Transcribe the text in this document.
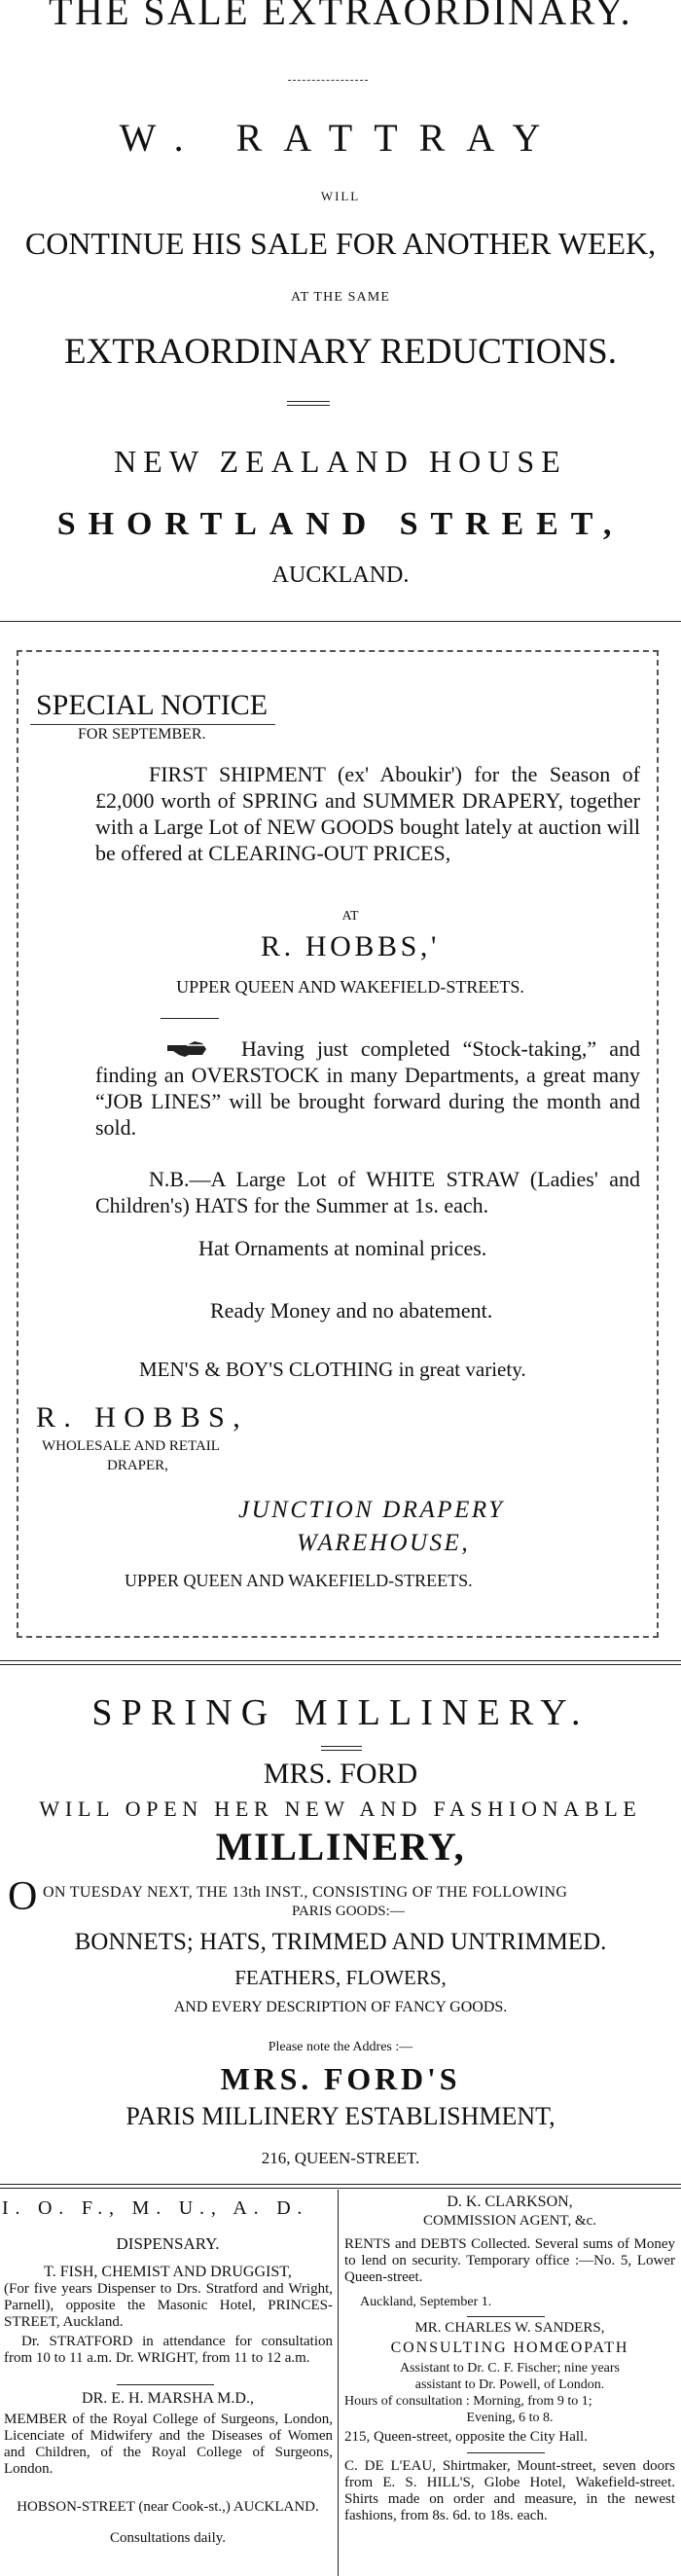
THE SALE EXTRAORDINARY.
W. RATTRAY
WILL
CONTINUE HIS SALE FOR ANOTHER WEEK,
AT THE SAME
EXTRAORDINARY REDUCTIONS.
NEW ZEALAND HOUSE
SHORTLAND STREET,
AUCKLAND.
SPECIAL NOTICE
FOR SEPTEMBER.
FIRST SHIPMENT (ex' Aboukir') for the Season of £2,000 worth of SPRING and SUMMER DRAPERY, together with a Large Lot of NEW GOODS bought lately at auction will be offered at CLEARING-OUT PRICES,
AT
R. HOBBS,'
UPPER QUEEN AND WAKEFIELD-STREETS.
Having just completed “Stock-taking,” and finding an OVERSTOCK in many Departments, a great many “JOB LINES” will be brought forward during the month and sold.
N.B.—A Large Lot of WHITE STRAW (Ladies' and Children's) HATS for the Summer at 1s. each.
Hat Ornaments at nominal prices.
Ready Money and no abatement.
MEN'S & BOY'S CLOTHING in great variety.
R. HOBBS,
WHOLESALE AND RETAIL
DRAPER,
JUNCTION DRAPERY
WAREHOUSE,
UPPER QUEEN AND WAKEFIELD-STREETS.
SPRING MILLINERY.
MRS. FORD
WILL OPEN HER NEW AND FASHIONABLE
MILLINERY,
O ON TUESDAY NEXT, THE 13th INST., CONSISTING OF THE FOLLOWING
PARIS GOODS:—
BONNETS; HATS, TRIMMED AND UNTRIMMED.
FEATHERS, FLOWERS,
AND EVERY DESCRIPTION OF FANCY GOODS.
Please note the Addres :—
MRS. FORD'S
PARIS MILLINERY ESTABLISHMENT,
216, QUEEN-STREET.
I. O. F., M. U., A. D.
DISPENSARY.
T. FISH, CHEMIST AND DRUGGIST,
(For five years Dispenser to Drs. Stratford and Wright, Parnell), opposite the Masonic Hotel, PRINCES-STREET, Auckland.
Dr. STRATFORD in attendance for consultation from 10 to 11 a.m. Dr. WRIGHT, from 11 to 12 a.m.
DR. E. H. MARSHA M.D.,
MEMBER of the Royal College of Surgeons, London, Licenciate of Midwifery and the Diseases of Women and Children, of the Royal College of Surgeons, London.
HOBSON-STREET (near Cook-st.,) AUCKLAND.
Consultations daily.
D. K. CLARKSON,
COMMISSION AGENT, &c.
RENTS and DEBTS Collected. Several sums of Money to lend on security. Temporary office :—No. 5, Lower Queen-street.
Auckland, September 1.
MR. CHARLES W. SANDERS,
CONSULTING HOMŒOPATH
Assistant to Dr. C. F. Fischer; nine years
assistant to Dr. Powell, of London.
Hours of consultation : Morning, from 9 to 1;
Evening, 6 to 8.
215, Queen-street, opposite the City Hall.
C. DE L'EAU, Shirtmaker, Mount-street, seven doors from E. S. HILL'S, Globe Hotel, Wakefield-street. Shirts made on order and measure, in the newest fashions, from 8s. 6d. to 18s. each.
